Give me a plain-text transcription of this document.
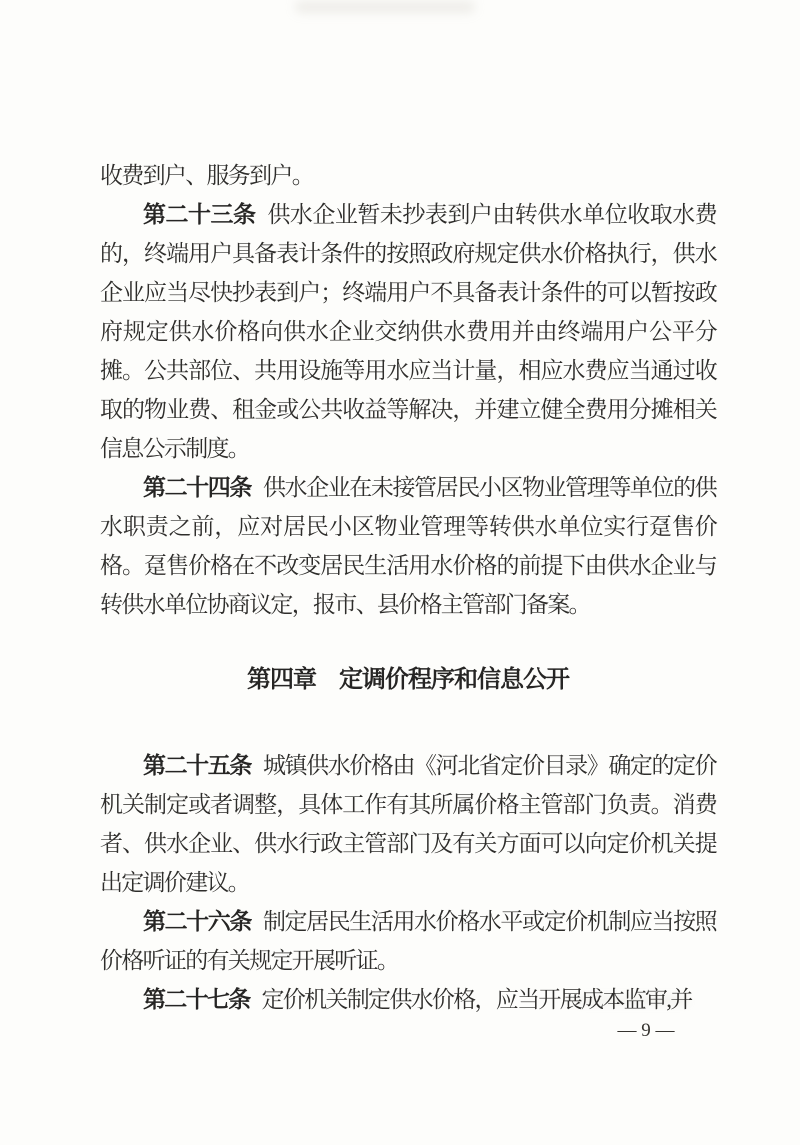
收费到户、服务到户。

第二十三条 供水企业暂未抄表到户由转供水单位收取水费的，终端用户具备表计条件的按照政府规定供水价格执行，供水企业应当尽快抄表到户；终端用户不具备表计条件的可以暂按政府规定供水价格向供水企业交纳供水费用并由终端用户公平分摊。公共部位、共用设施等用水应当计量，相应水费应当通过收取的物业费、租金或公共收益等解决，并建立健全费用分摊相关信息公示制度。

第二十四条 供水企业在未接管居民小区物业管理等单位的供水职责之前，应对居民小区物业管理等转供水单位实行趸售价格。趸售价格在不改变居民生活用水价格的前提下由供水企业与转供水单位协商议定，报市、县价格主管部门备案。

第四章　定调价程序和信息公开

第二十五条 城镇供水价格由《河北省定价目录》确定的定价机关制定或者调整，具体工作有其所属价格主管部门负责。消费者、供水企业、供水行政主管部门及有关方面可以向定价机关提出定调价建议。

第二十六条 制定居民生活用水价格水平或定价机制应当按照价格听证的有关规定开展听证。

第二十七条 定价机关制定供水价格，应当开展成本监审,并

— 9 —
